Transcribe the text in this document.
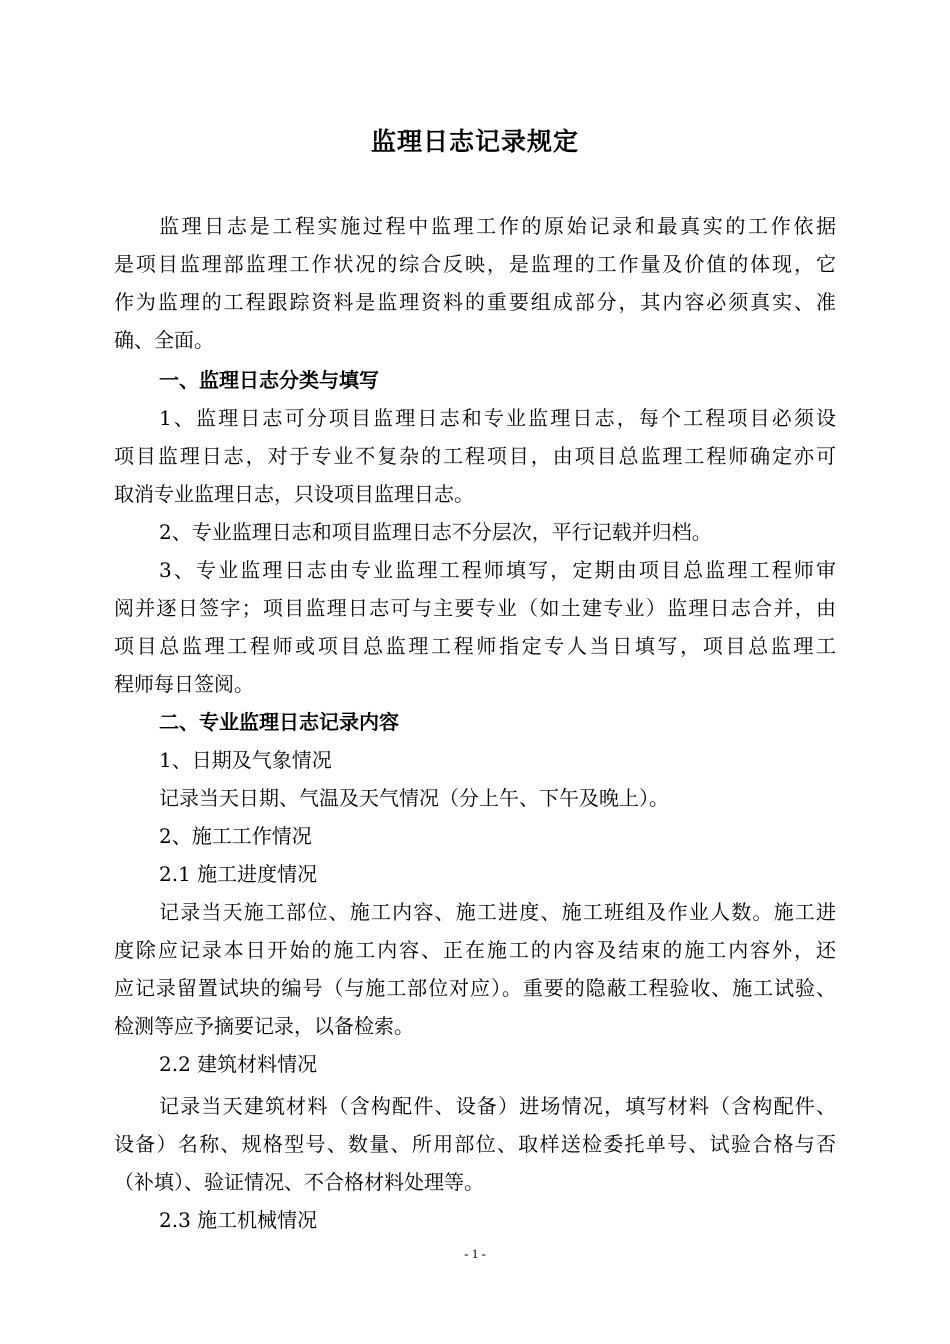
监理日志记录规定
监理日志是工程实施过程中监理工作的原始记录和最真实的工作依据
是项目监理部监理工作状况的综合反映，是监理的工作量及价值的体现，它
作为监理的工程跟踪资料是监理资料的重要组成部分，其内容必须真实、准
确、全面。
一、监理日志分类与填写
1、监理日志可分项目监理日志和专业监理日志，每个工程项目必须设
项目监理日志，对于专业不复杂的工程项目，由项目总监理工程师确定亦可
取消专业监理日志，只设项目监理日志。
2、专业监理日志和项目监理日志不分层次，平行记载并归档。
3、专业监理日志由专业监理工程师填写，定期由项目总监理工程师审
阅并逐日签字；项目监理日志可与主要专业（如土建专业）监理日志合并，由
项目总监理工程师或项目总监理工程师指定专人当日填写，项目总监理工
程师每日签阅。
二、专业监理日志记录内容
1、日期及气象情况
记录当天日期、气温及天气情况（分上午、下午及晚上）。
2、施工工作情况
2.1 施工进度情况
记录当天施工部位、施工内容、施工进度、施工班组及作业人数。施工进
度除应记录本日开始的施工内容、正在施工的内容及结束的施工内容外，还
应记录留置试块的编号（与施工部位对应）。重要的隐蔽工程验收、施工试验、
检测等应予摘要记录，以备检索。
2.2 建筑材料情况
记录当天建筑材料（含构配件、设备）进场情况，填写材料（含构配件、
设备）名称、规格型号、数量、所用部位、取样送检委托单号、试验合格与否
（补填）、验证情况、不合格材料处理等。
2.3 施工机械情况
- 1 -
